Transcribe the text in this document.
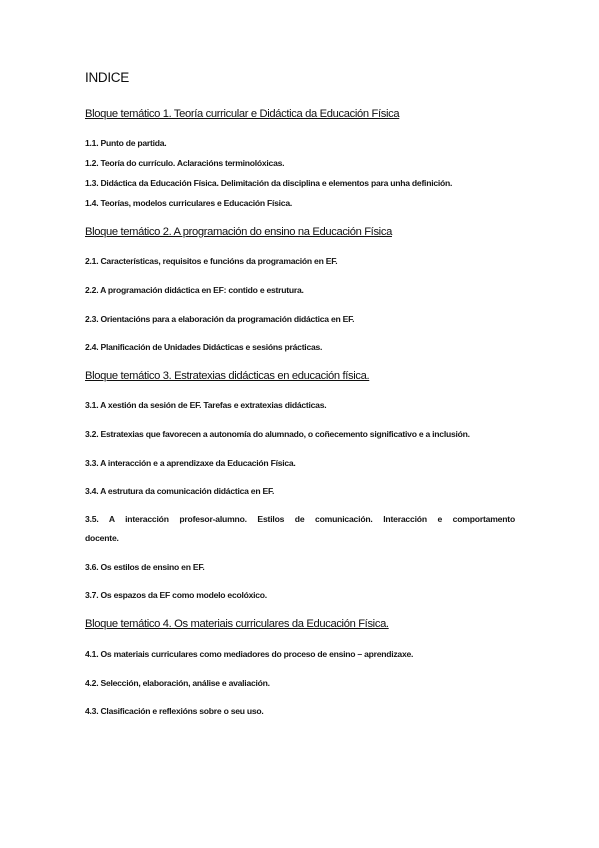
INDICE
Bloque temático 1. Teoría curricular e Didáctica da Educación Física
1.1. Punto de partida.
1.2. Teoría do currículo. Aclaracións terminolóxicas.
1.3. Didáctica da Educación Física. Delimitación da disciplina e elementos para unha definición.
1.4. Teorías, modelos curriculares e Educación Física.
Bloque temático 2. A programación do ensino na Educación Física
2.1. Características, requisitos e funcións da programación en EF.
2.2. A programación didáctica en EF: contido e estrutura.
2.3. Orientacións para a elaboración da programación didáctica en EF.
2.4. Planificación de Unidades Didácticas e sesións prácticas.
Bloque temático 3. Estratexias didácticas en educación física.
3.1. A xestión da sesión de EF. Tarefas e extratexias didácticas.
3.2. Estratexias que favorecen a autonomía do alumnado, o coñecemento significativo e a inclusión.
3.3. A interacción e a aprendizaxe da Educación Física.
3.4. A estrutura da comunicación didáctica en EF.
3.5. A interacción profesor-alumno. Estilos de comunicación. Interacción e comportamento docente.
3.6. Os estilos de ensino en EF.
3.7. Os espazos da EF como modelo ecolóxico.
Bloque temático 4. Os materiais curriculares da Educación Física.
4.1. Os materiais curriculares como mediadores do proceso de ensino – aprendizaxe.
4.2. Selección, elaboración, análise e avaliación.
4.3. Clasificación e reflexións sobre o seu uso.
